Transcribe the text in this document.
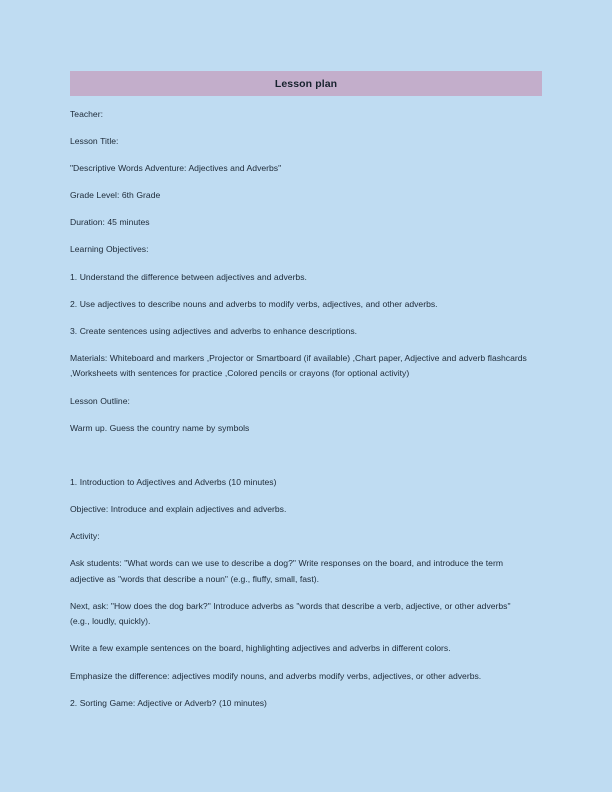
Lesson plan

Teacher:

Lesson Title:

"Descriptive Words Adventure: Adjectives and Adverbs"

Grade Level: 6th Grade

Duration: 45 minutes

Learning Objectives:

1. Understand the difference between adjectives and adverbs.

2. Use adjectives to describe nouns and adverbs to modify verbs, adjectives, and other adverbs.

3. Create sentences using adjectives and adverbs to enhance descriptions.

Materials: Whiteboard and markers ,Projector or Smartboard (if available) ,Chart paper, Adjective and adverb flashcards ,Worksheets with sentences for practice ,Colored pencils or crayons (for optional activity)

Lesson Outline:

Warm up. Guess the country name by symbols

1. Introduction to Adjectives and Adverbs (10 minutes)

Objective: Introduce and explain adjectives and adverbs.

Activity:

Ask students: "What words can we use to describe a dog?" Write responses on the board, and introduce the term adjective as "words that describe a noun" (e.g., fluffy, small, fast).

Next, ask: "How does the dog bark?" Introduce adverbs as "words that describe a verb, adjective, or other adverbs" (e.g., loudly, quickly).

Write a few example sentences on the board, highlighting adjectives and adverbs in different colors.

Emphasize the difference: adjectives modify nouns, and adverbs modify verbs, adjectives, or other adverbs.

2. Sorting Game: Adjective or Adverb? (10 minutes)
